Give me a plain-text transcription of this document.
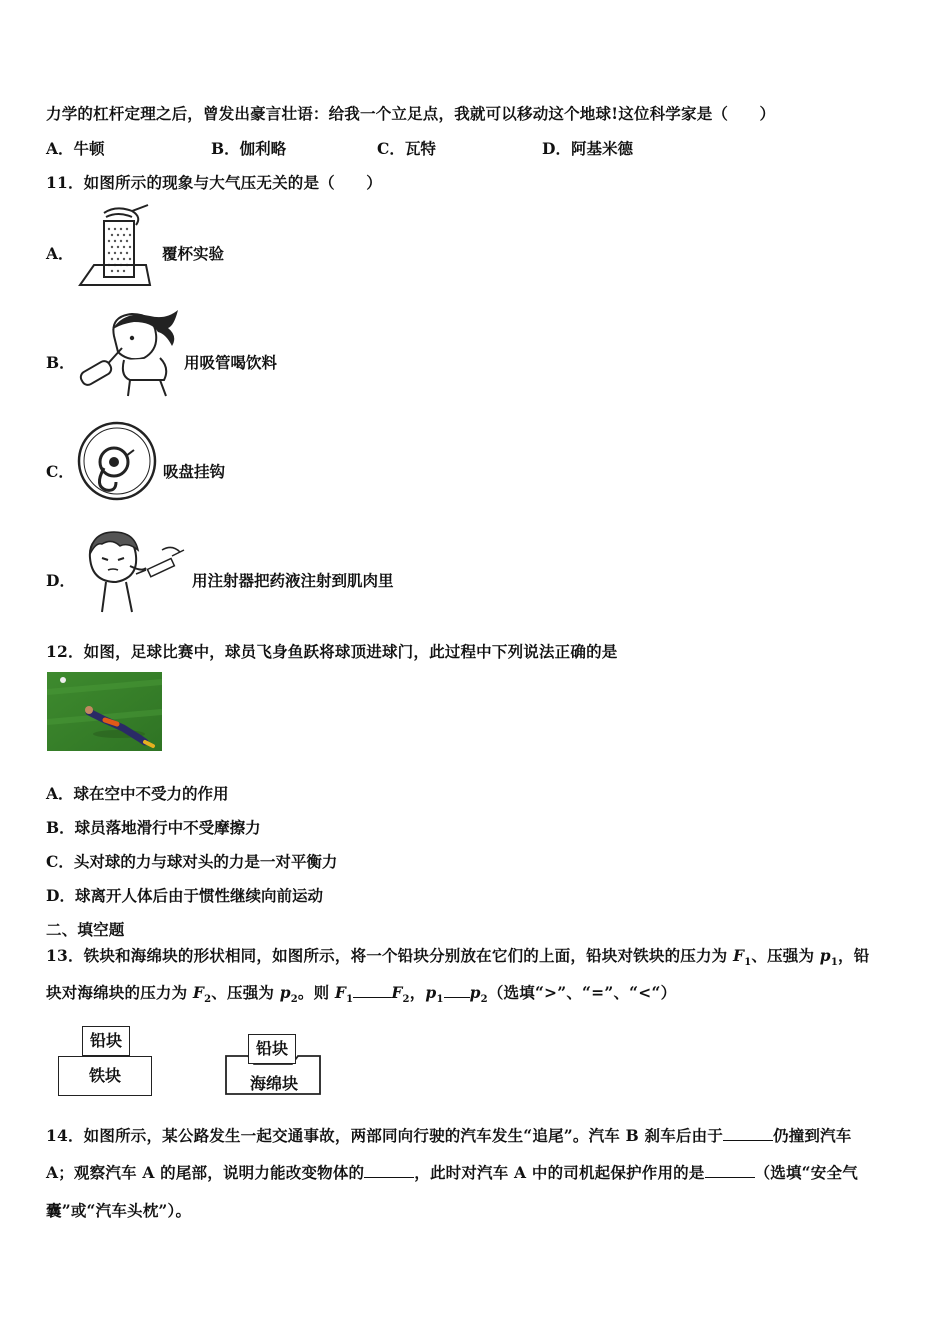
力学的杠杆定理之后，曾发出豪言壮语：给我一个立足点，我就可以移动这个地球!这位科学家是（　　）
A．牛顿	B．伽利略	C．瓦特	D．阿基米德
11．如图所示的现象与大气压无关的是（　　）
A．	覆杯实验
B．	用吸管喝饮料
C．	吸盘挂钩
D．	用注射器把药液注射到肌肉里
12．如图，足球比赛中，球员飞身鱼跃将球顶进球门，此过程中下列说法正确的是
A．球在空中不受力的作用
B．球员落地滑行中不受摩擦力
C．头对球的力与球对头的力是一对平衡力
D．球离开人体后由于惯性继续向前运动
二、填空题
13．铁块和海绵块的形状相同，如图所示，将一个铅块分别放在它们的上面，铅块对铁块的压力为 $F_1$、压强为 $p_1$，铅
块对海绵块的压力为 $F_2$、压强为 $p_2$。则 $F_1$ $F_2$，$p_1$ $p_2$（选填“>”、“=”、“<“）
铁块
铅块	铅块
海绵块
14．如图所示，某公路发生一起交通事故，两部同向行驶的汽车发生“追尾”。汽车 B 刹车后由于	仍撞到汽车
A；观察汽车 A 的尾部，说明力能改变物体的	，此时对汽车 A 中的司机起保护作用的是	（选填“安全气
囊”或“汽车头枕”）。
